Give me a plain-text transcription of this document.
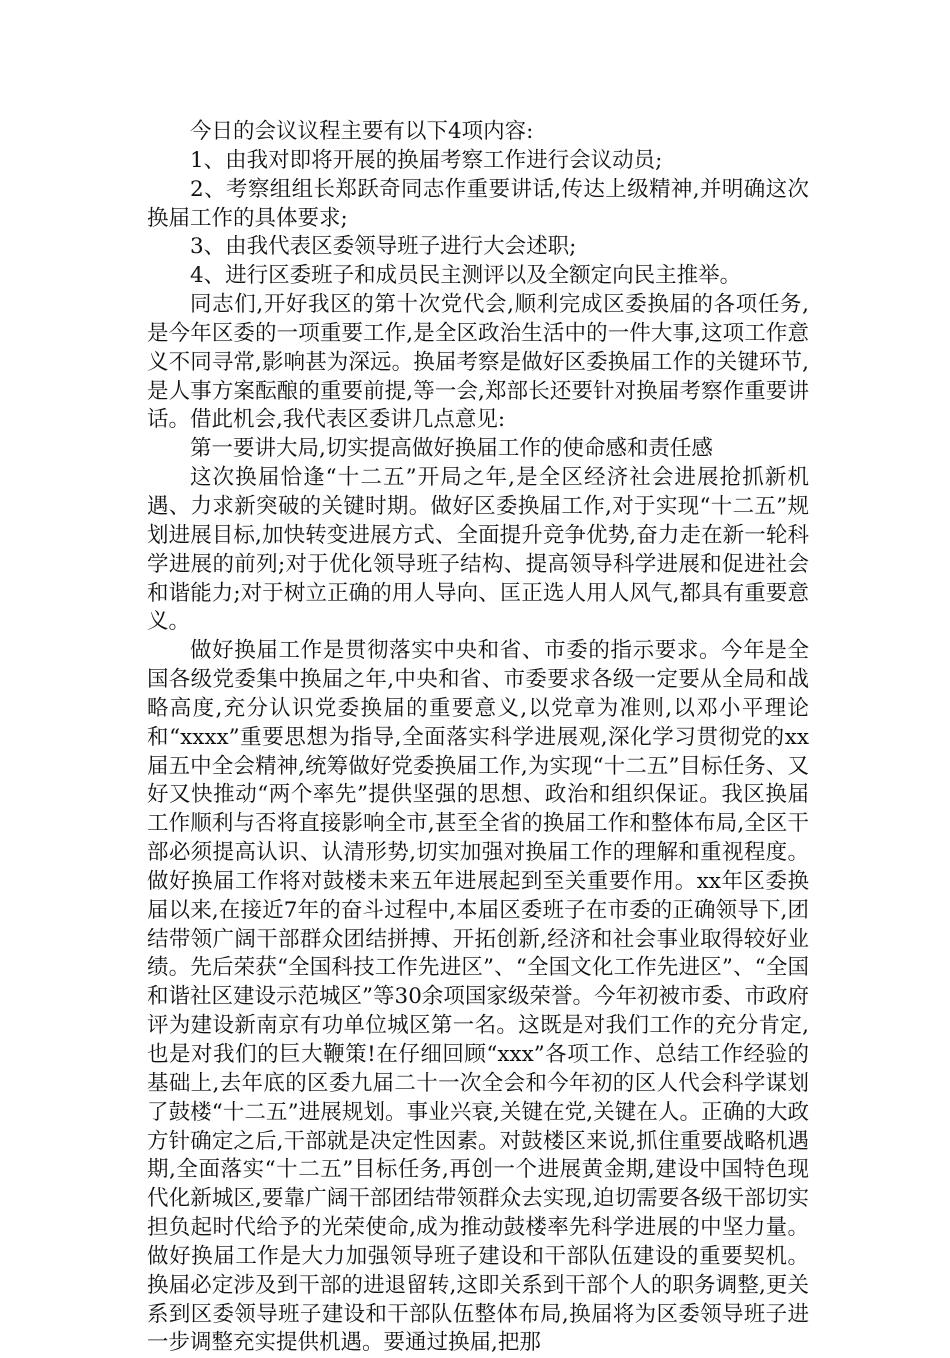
今日的会议议程主要有以下4项内容:

1、由我对即将开展的换届考察工作进行会议动员;

2、考察组组长郑跃奇同志作重要讲话,传达上级精神,并明确这次换届工作的具体要求;

3、由我代表区委领导班子进行大会述职;

4、进行区委班子和成员民主测评以及全额定向民主推举。

同志们,开好我区的第十次党代会,顺利完成区委换届的各项任务,是今年区委的一项重要工作,是全区政治生活中的一件大事,这项工作意义不同寻常,影响甚为深远。换届考察是做好区委换届工作的关键环节,是人事方案酝酿的重要前提,等一会,郑部长还要针对换届考察作重要讲话。借此机会,我代表区委讲几点意见:

第一要讲大局,切实提高做好换届工作的使命感和责任感

这次换届恰逢“十二五”开局之年,是全区经济社会进展抢抓新机遇、力求新突破的关键时期。做好区委换届工作,对于实现“十二五”规划进展目标,加快转变进展方式、全面提升竞争优势,奋力走在新一轮科学进展的前列;对于优化领导班子结构、提高领导科学进展和促进社会和谐能力;对于树立正确的用人导向、匡正选人用人风气,都具有重要意义。

做好换届工作是贯彻落实中央和省、市委的指示要求。今年是全国各级党委集中换届之年,中央和省、市委要求各级一定要从全局和战略高度,充分认识党委换届的重要意义,以党章为准则,以邓小平理论和“xxxx”重要思想为指导,全面落实科学进展观,深化学习贯彻党的xx届五中全会精神,统筹做好党委换届工作,为实现“十二五”目标任务、又好又快推动“两个率先”提供坚强的思想、政治和组织保证。我区换届工作顺利与否将直接影响全市,甚至全省的换届工作和整体布局,全区干部必须提高认识、认清形势,切实加强对换届工作的理解和重视程度。做好换届工作将对鼓楼未来五年进展起到至关重要作用。xx年区委换届以来,在接近7年的奋斗过程中,本届区委班子在市委的正确领导下,团结带领广阔干部群众团结拼搏、开拓创新,经济和社会事业取得较好业绩。先后荣获“全国科技工作先进区”、“全国文化工作先进区”、“全国和谐社区建设示范城区”等30余项国家级荣誉。今年初被市委、市政府评为建设新南京有功单位城区第一名。这既是对我们工作的充分肯定,也是对我们的巨大鞭策!在仔细回顾“xxx”各项工作、总结工作经验的基础上,去年底的区委九届二十一次全会和今年初的区人代会科学谋划了鼓楼“十二五”进展规划。事业兴衰,关键在党,关键在人。正确的大政方针确定之后,干部就是决定性因素。对鼓楼区来说,抓住重要战略机遇期,全面落实“十二五”目标任务,再创一个进展黄金期,建设中国特色现代化新城区,要靠广阔干部团结带领群众去实现,迫切需要各级干部切实担负起时代给予的光荣使命,成为推动鼓楼率先科学进展的中坚力量。做好换届工作是大力加强领导班子建设和干部队伍建设的重要契机。换届必定涉及到干部的进退留转,这即关系到干部个人的职务调整,更关系到区委领导班子建设和干部队伍整体布局,换届将为区委领导班子进一步调整充实提供机遇。要通过换届,把那
